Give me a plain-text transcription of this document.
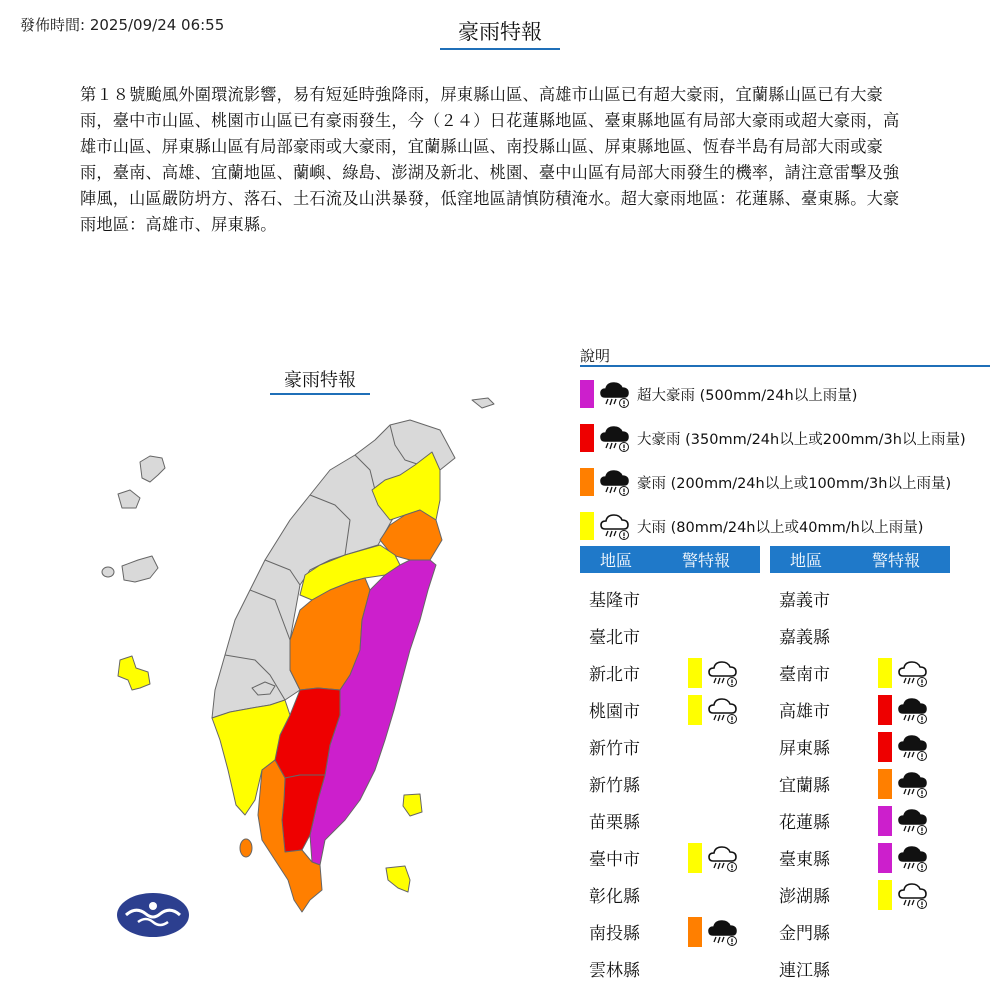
發佈時間: 2025/09/24 06:55	豪雨特報
第１８號颱風外圍環流影響，易有短延時強降雨，屏東縣山區、高雄市山區已有超大豪雨，宜蘭縣山區已有大豪雨，臺中市山區、桃園市山區已有豪雨發生，今（２４）日花蓮縣地區、臺東縣地區有局部大豪雨或超大豪雨，高雄市山區、屏東縣山區有局部豪雨或大豪雨，宜蘭縣山區、南投縣山區、屏東縣地區、恆春半島有局部大雨或豪雨，臺南、高雄、宜蘭地區、蘭嶼、綠島、澎湖及新北、桃園、臺中山區有局部大雨發生的機率，請注意雷擊及強陣風，山區嚴防坍方、落石、土石流及山洪暴發，低窪地區請慎防積淹水。超大豪雨地區：花蓮縣、臺東縣。大豪雨地區：高雄市、屏東縣。
豪雨特報
說明
超大豪雨 (500mm/24h以上雨量)
大豪雨 (350mm/24h以上或200mm/3h以上雨量)
豪雨 (200mm/24h以上或100mm/3h以上雨量)
大雨 (80mm/24h以上或40mm/h以上雨量)
地區	警特報
基隆市
臺北市
新北市
桃園市
新竹市
新竹縣
苗栗縣
臺中市
彰化縣
南投縣
雲林縣
地區	警特報
嘉義市
嘉義縣
臺南市
高雄市
屏東縣
宜蘭縣
花蓮縣
臺東縣
澎湖縣
金門縣
連江縣
